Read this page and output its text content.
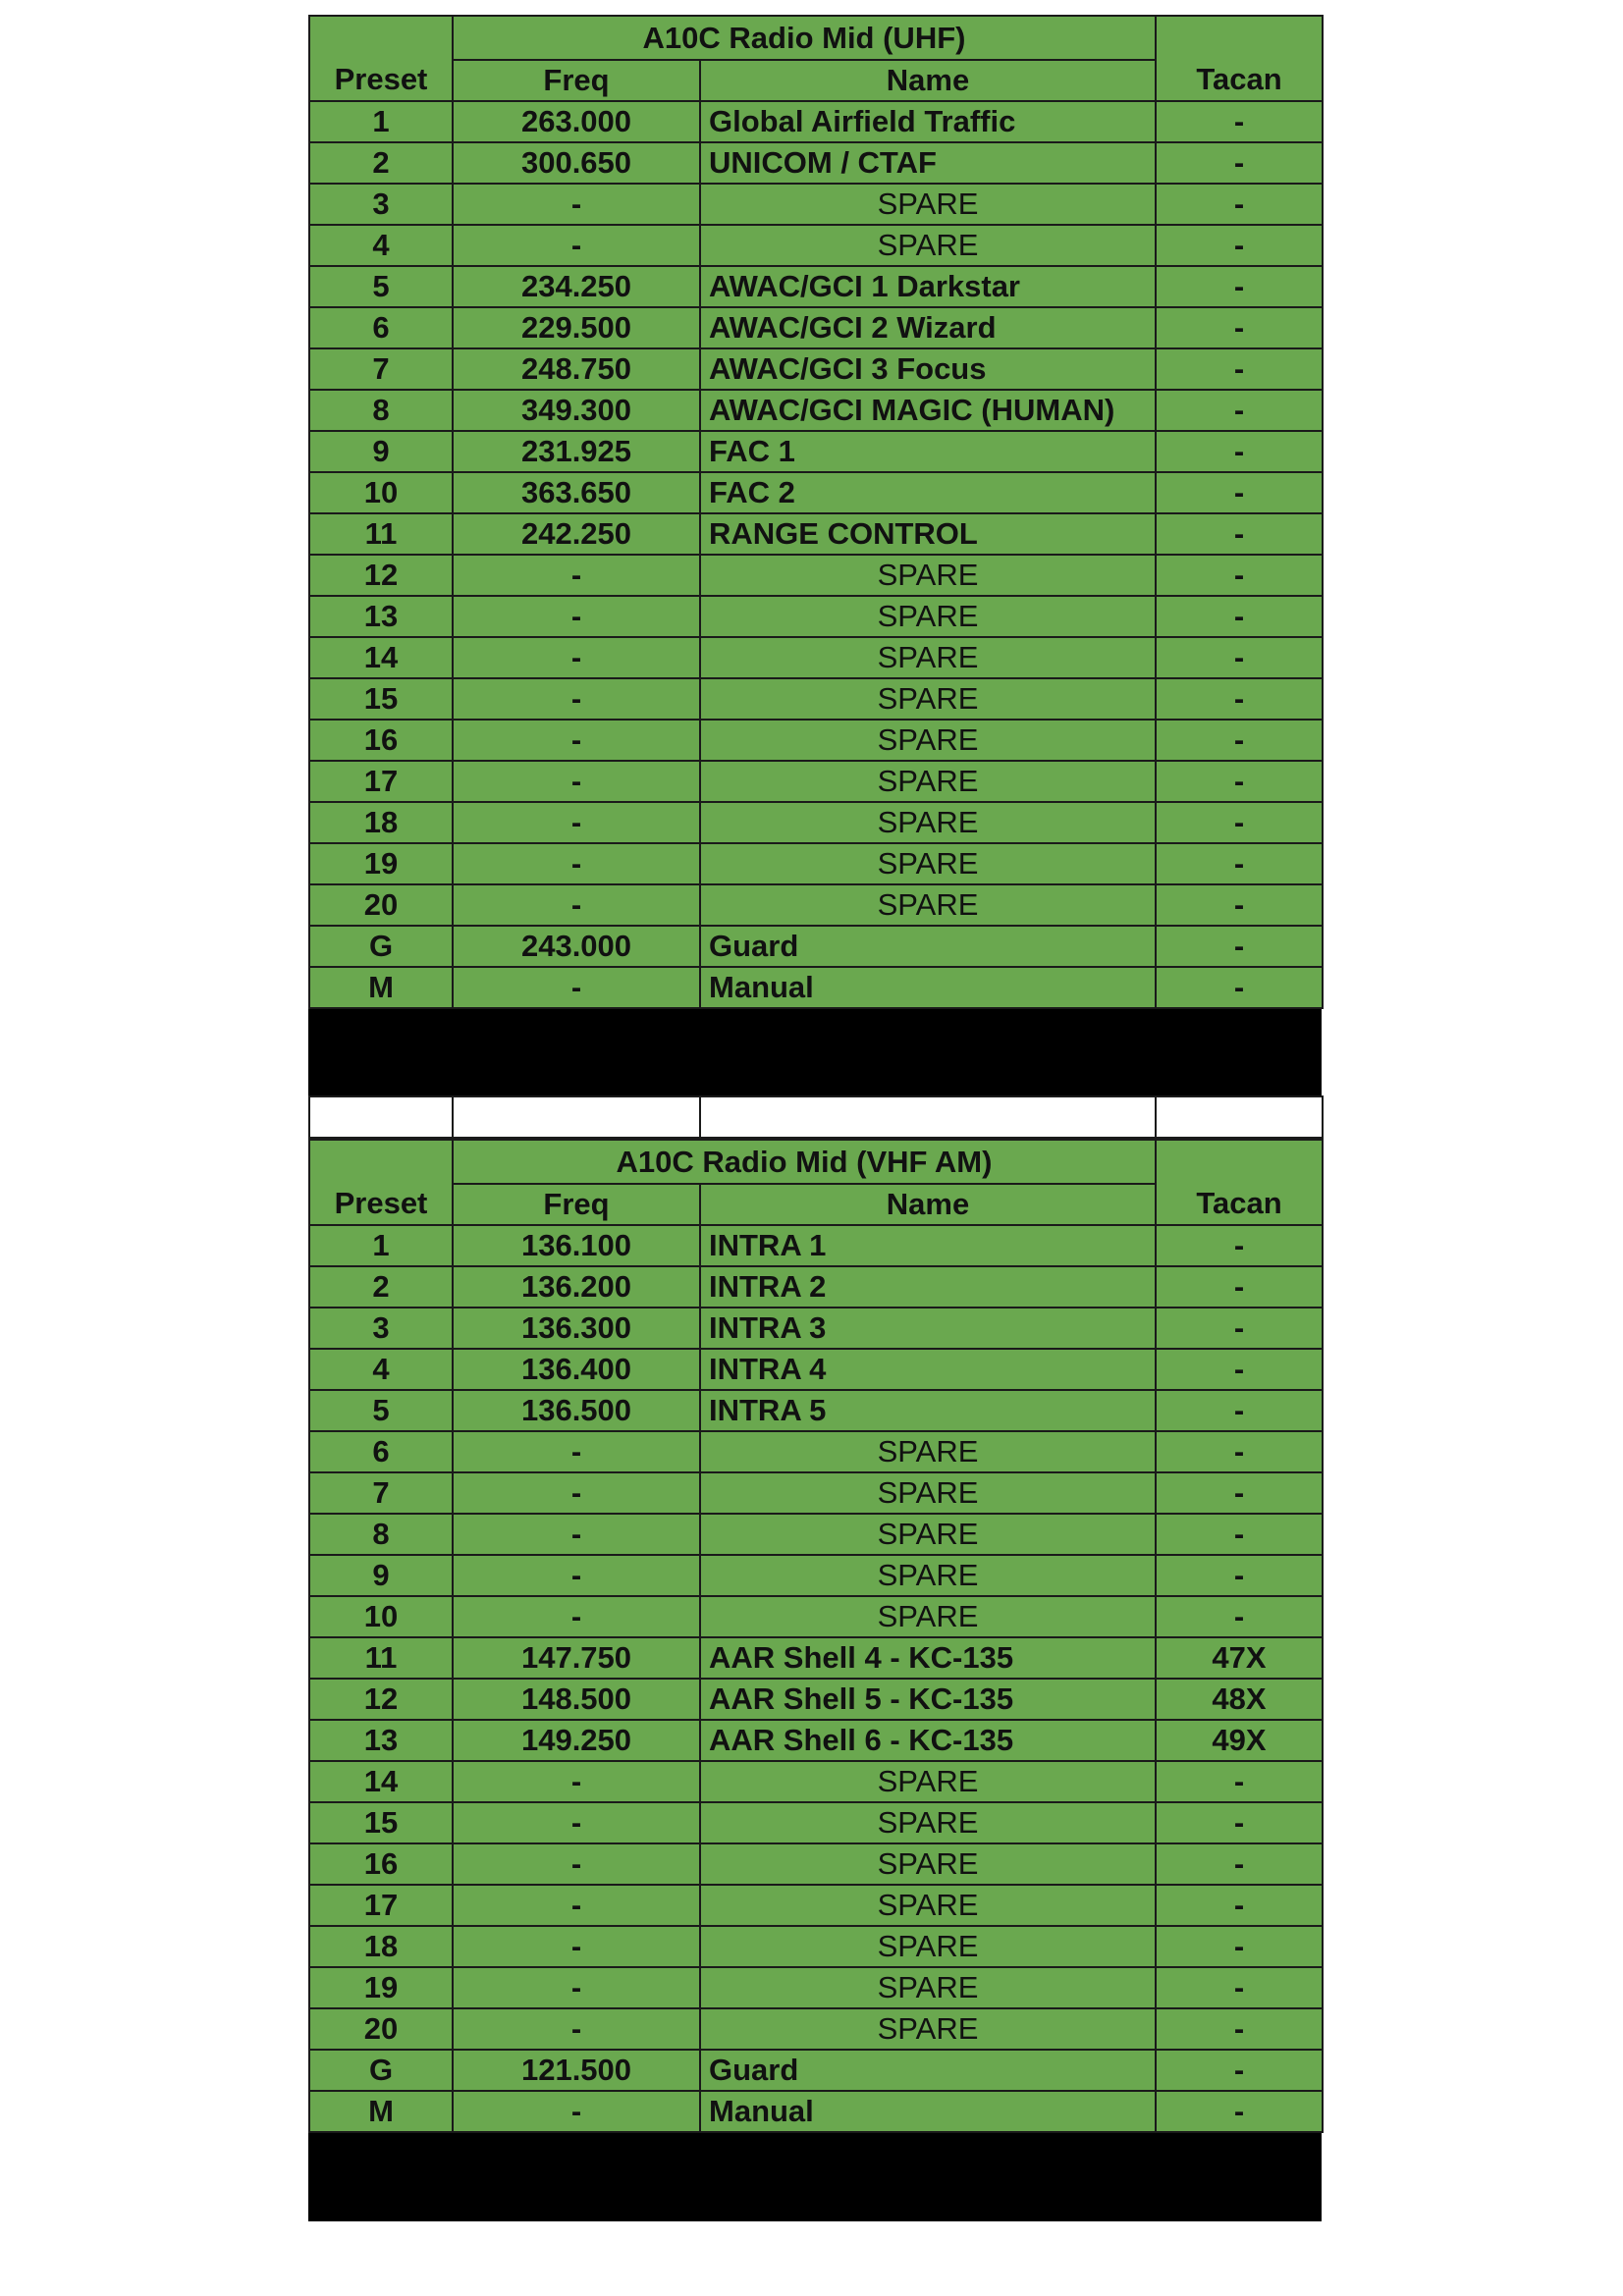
Preset	A10C Radio Mid (UHF)		Tacan
	Freq	Name	
1	263.000	Global Airfield Traffic	-
2	300.650	UNICOM / CTAF	-
3	-	SPARE	-
4	-	SPARE	-
5	234.250	AWAC/GCI 1 Darkstar	-
6	229.500	AWAC/GCI 2 Wizard	-
7	248.750	AWAC/GCI 3 Focus	-
8	349.300	AWAC/GCI MAGIC (HUMAN)	-
9	231.925	FAC 1	-
10	363.650	FAC 2	-
11	242.250	RANGE CONTROL	-
12	-	SPARE	-
13	-	SPARE	-
14	-	SPARE	-
15	-	SPARE	-
16	-	SPARE	-
17	-	SPARE	-
18	-	SPARE	-
19	-	SPARE	-
20	-	SPARE	-
G	243.000	Guard	-
M	-	Manual	-

Preset	A10C Radio Mid (VHF AM)		Tacan
	Freq	Name	
1	136.100	INTRA 1	-
2	136.200	INTRA 2	-
3	136.300	INTRA 3	-
4	136.400	INTRA 4	-
5	136.500	INTRA 5	-
6	-	SPARE	-
7	-	SPARE	-
8	-	SPARE	-
9	-	SPARE	-
10	-	SPARE	-
11	147.750	AAR Shell 4 - KC-135	47X
12	148.500	AAR Shell 5 - KC-135	48X
13	149.250	AAR Shell 6 - KC-135	49X
14	-	SPARE	-
15	-	SPARE	-
16	-	SPARE	-
17	-	SPARE	-
18	-	SPARE	-
19	-	SPARE	-
20	-	SPARE	-
G	121.500	Guard	-
M	-	Manual	-
